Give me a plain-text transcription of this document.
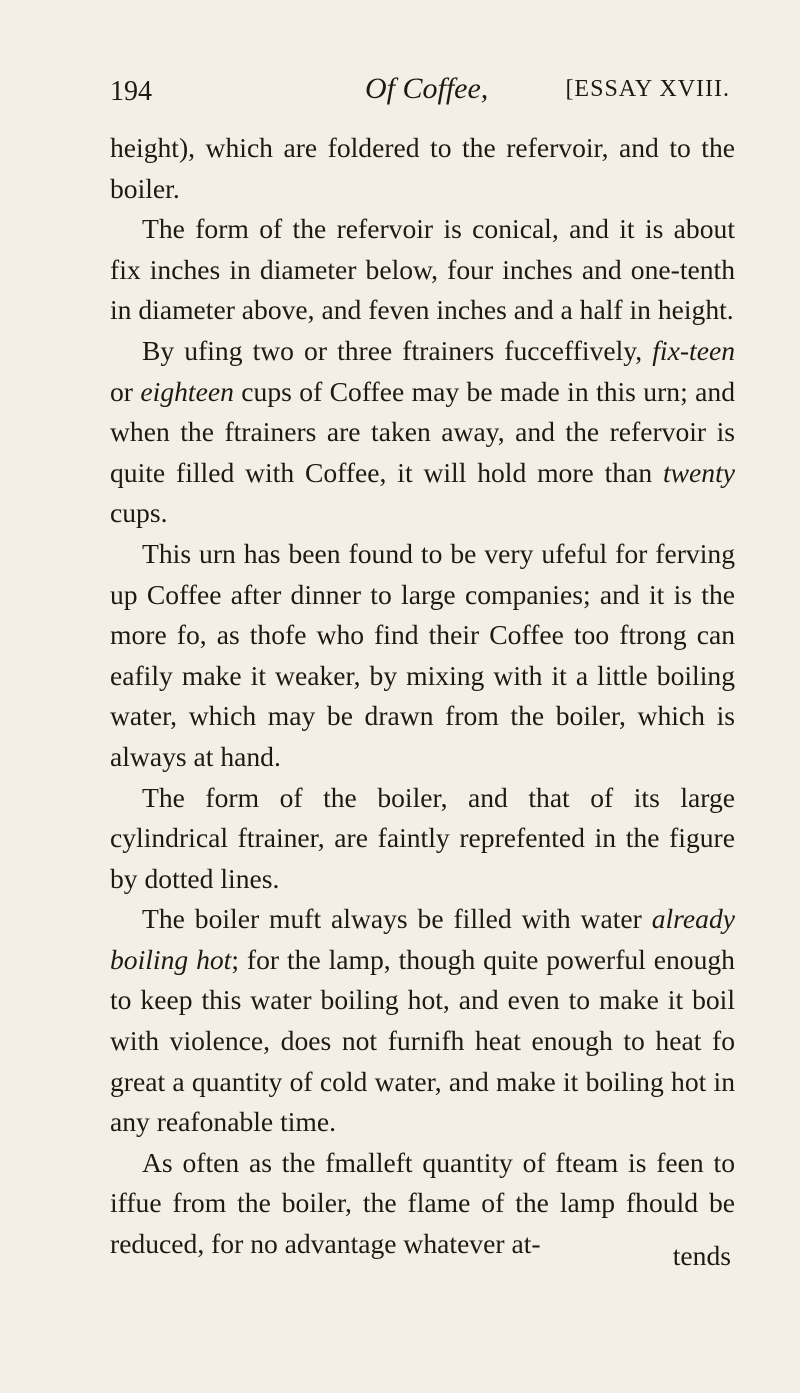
194	Of Coffee,	[ESSAY XVIII.

height), which are foldered to the refervoir, and to the boiler.

The form of the refervoir is conical, and it is about fix inches in diameter below, four inches and one-tenth in diameter above, and feven inches and a half in height.

By ufing two or three ftrainers fucceffively, fix-teen or eighteen cups of Coffee may be made in this urn; and when the ftrainers are taken away, and the refervoir is quite filled with Coffee, it will hold more than twenty cups.

This urn has been found to be very ufeful for ferving up Coffee after dinner to large companies; and it is the more fo, as thofe who find their Coffee too ftrong can eafily make it weaker, by mixing with it a little boiling water, which may be drawn from the boiler, which is always at hand.

The form of the boiler, and that of its large cylindrical ftrainer, are faintly reprefented in the figure by dotted lines.

The boiler muft always be filled with water already boiling hot; for the lamp, though quite powerful enough to keep this water boiling hot, and even to make it boil with violence, does not furnifh heat enough to heat fo great a quantity of cold water, and make it boiling hot in any reafonable time.

As often as the fmalleft quantity of fteam is feen to iffue from the boiler, the flame of the lamp fhould be reduced, for no advantage whatever at-	tends
